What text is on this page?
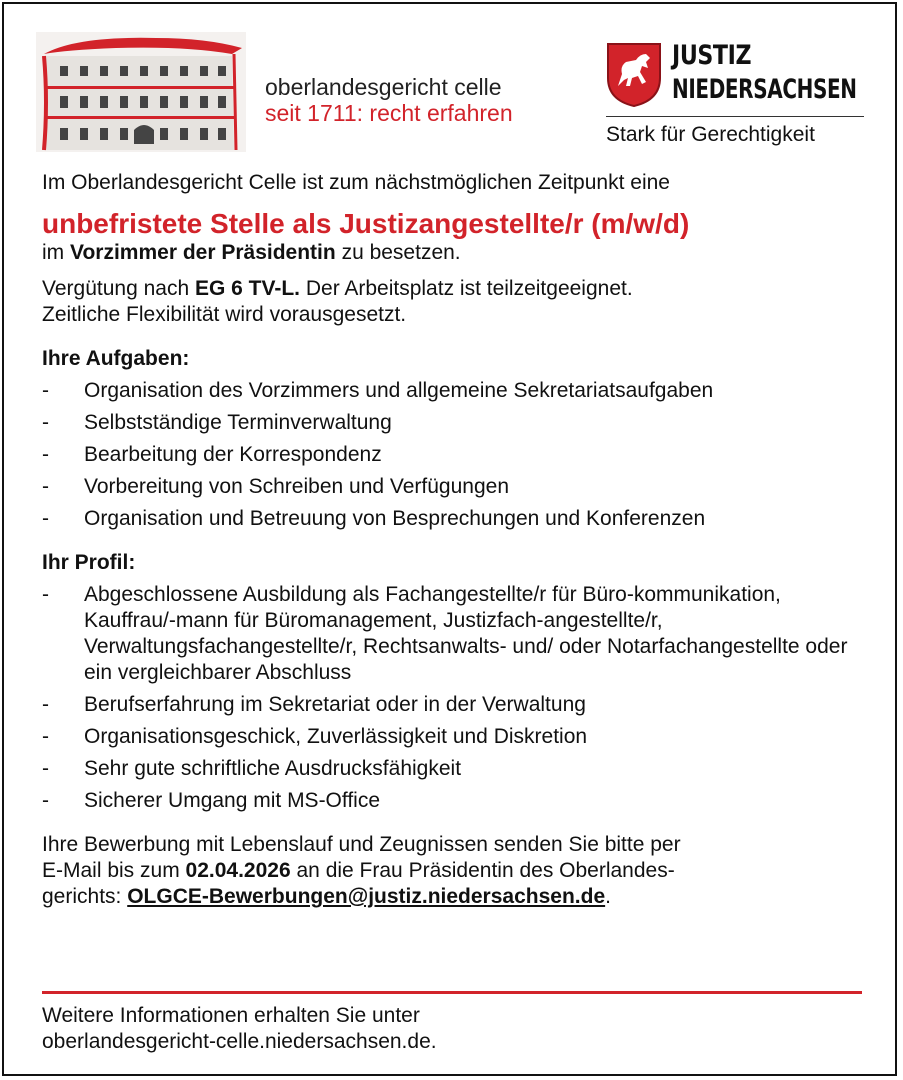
oberlandesgericht celle
seit 1711: recht erfahren
JUSTIZ
NIEDERSACHSEN
Stark für Gerechtigkeit

Im Oberlandesgericht Celle ist zum nächstmöglichen Zeitpunkt eine

unbefristete Stelle als Justizangestellte/r (m/w/d)

im Vorzimmer der Präsidentin zu besetzen.

Vergütung nach EG 6 TV-L. Der Arbeitsplatz ist teilzeitgeeignet.

Zeitliche Flexibilität wird vorausgesetzt.

Ihre Aufgaben:

- Organisation des Vorzimmers und allgemeine Sekretariatsaufgaben
- Selbstständige Terminverwaltung
- Bearbeitung der Korrespondenz
- Vorbereitung von Schreiben und Verfügungen
- Organisation und Betreuung von Besprechungen und Konferenzen

Ihr Profil:

- Abgeschlossene Ausbildung als Fachangestellte/r für Büro-kommunikation, Kauffrau/-mann für Büromanagement, Justizfach-angestellte/r, Verwaltungsfachangestellte/r, Rechtsanwalts- und/ oder Notarfachangestellte oder ein vergleichbarer Abschluss
- Berufserfahrung im Sekretariat oder in der Verwaltung
- Organisationsgeschick, Zuverlässigkeit und Diskretion
- Sehr gute schriftliche Ausdrucksfähigkeit
- Sicherer Umgang mit MS-Office

Ihre Bewerbung mit Lebenslauf und Zeugnissen senden Sie bitte per

E-Mail bis zum 02.04.2026 an die Frau Präsidentin des Oberlandes-

gerichts: OLGCE-Bewerbungen@justiz.niedersachsen.de.

Weitere Informationen erhalten Sie unter
oberlandesgericht-celle.niedersachsen.de.
